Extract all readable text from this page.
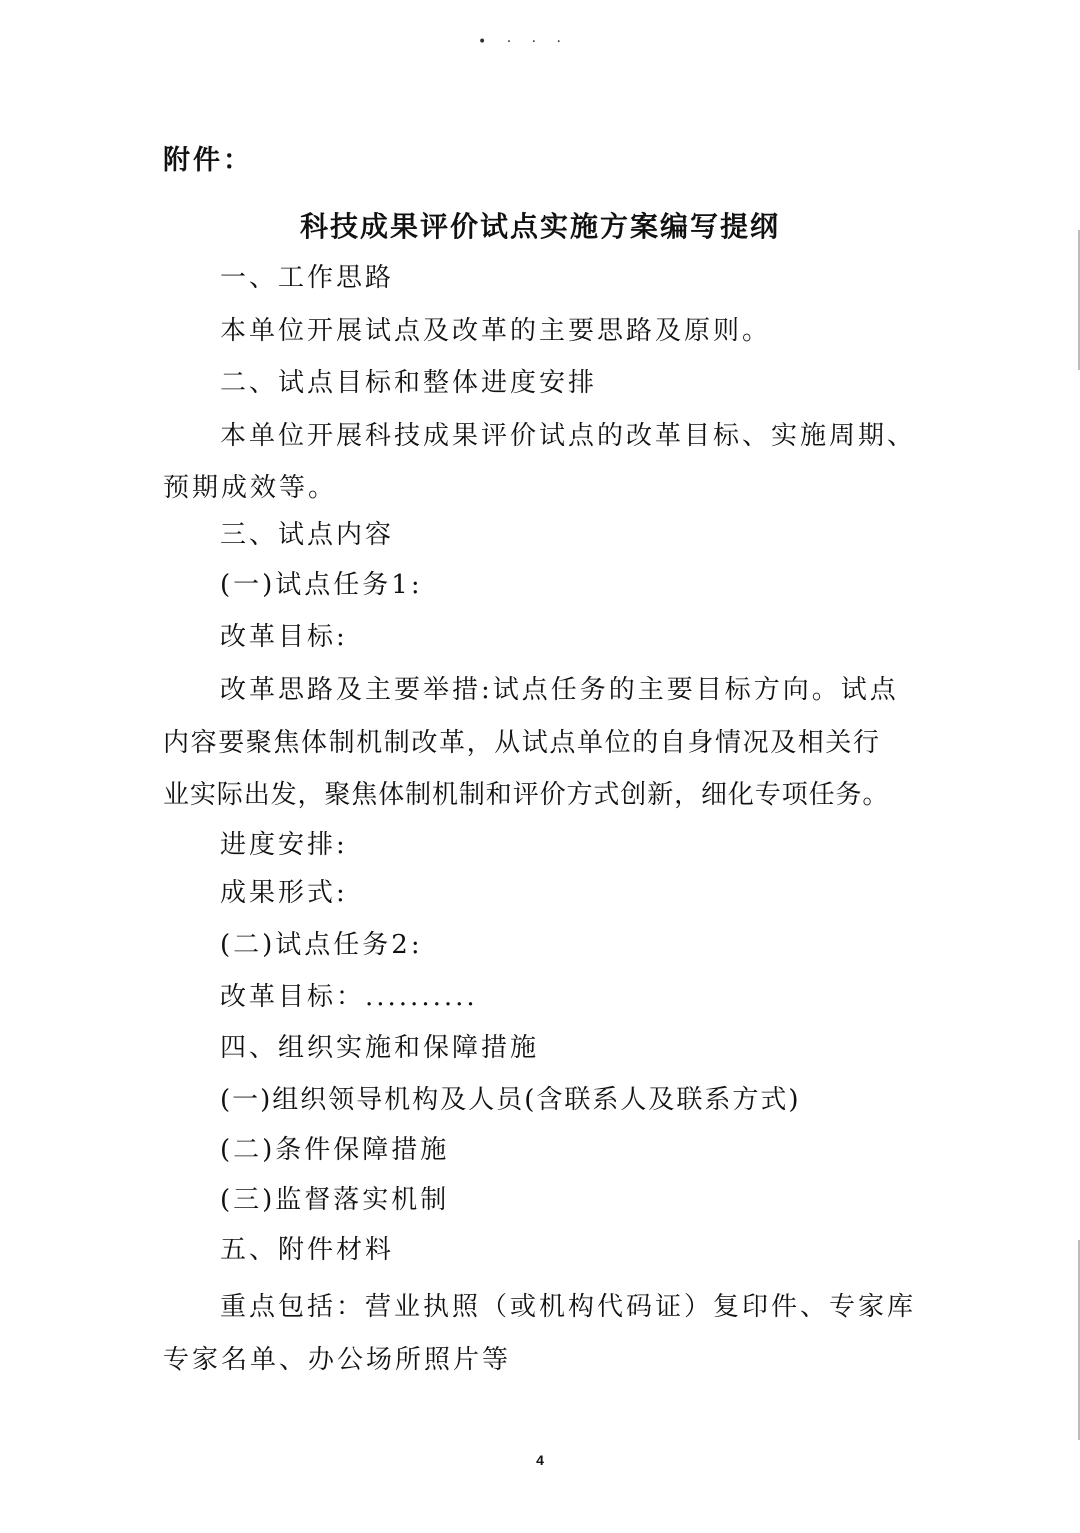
• · · ·
附件：
科技成果评价试点实施方案编写提纲
一、工作思路
本单位开展试点及改革的主要思路及原则。
二、试点目标和整体进度安排
本单位开展科技成果评价试点的改革目标、实施周期、
预期成效等。
三、试点内容
(一)试点任务1:
改革目标:
改革思路及主要举措:试点任务的主要目标方向。试点
内容要聚焦体制机制改革，从试点单位的自身情况及相关行
业实际出发，聚焦体制机制和评价方式创新，细化专项任务。
进度安排:
成果形式:
(二)试点任务2:
改革目标：..........
四、组织实施和保障措施
(一)组织领导机构及人员(含联系人及联系方式)
(二)条件保障措施
(三)监督落实机制
五、附件材料
重点包括：营业执照（或机构代码证）复印件、专家库
专家名单、办公场所照片等
4
